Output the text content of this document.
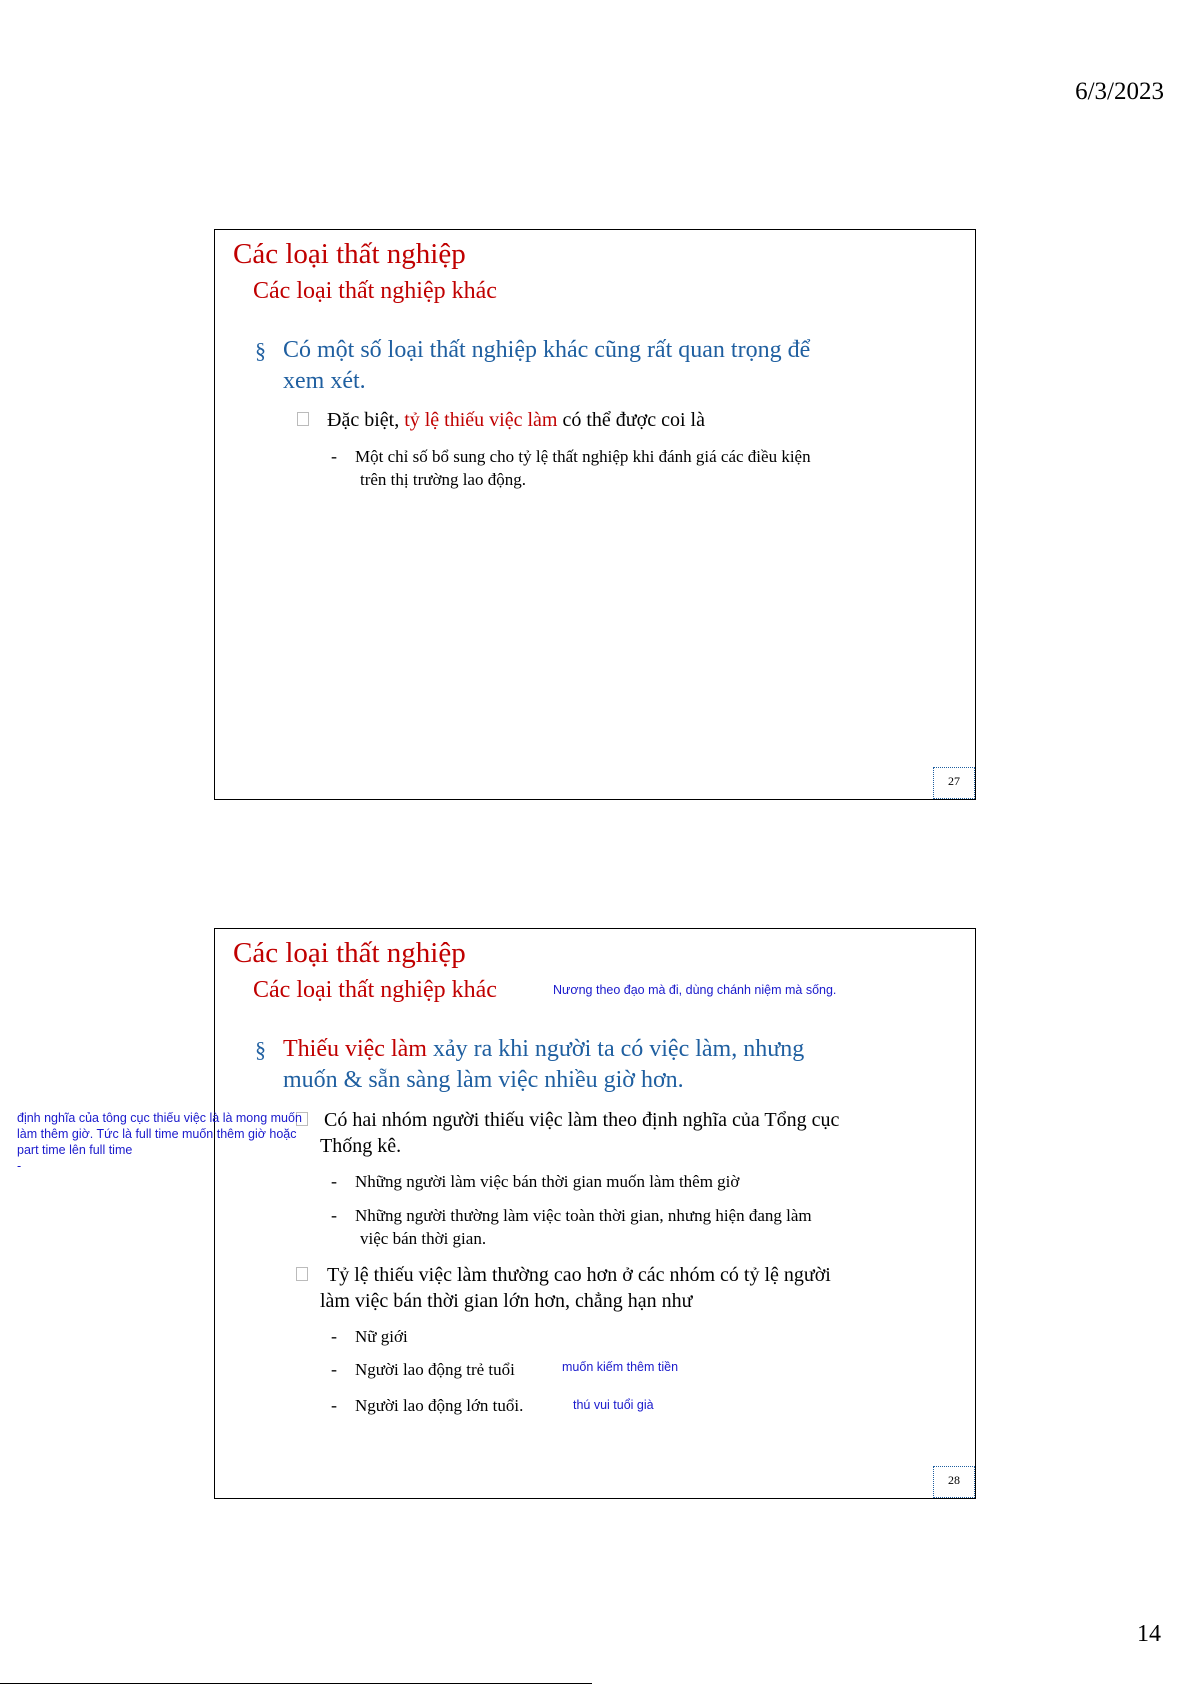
6/3/2023
Các loại thất nghiệp
Các loại thất nghiệp khác
§ Có một số loại thất nghiệp khác cũng rất quan trọng để
xem xét.
Đặc biệt, tỷ lệ thiếu việc làm có thể được coi là
- Một chỉ số bổ sung cho tỷ lệ thất nghiệp khi đánh giá các điều kiện
trên thị trường lao động.
27
Các loại thất nghiệp
Các loại thất nghiệp khác
§ Thiếu việc làm xảy ra khi người ta có việc làm, nhưng
muốn & sẵn sàng làm việc nhiều giờ hơn.
Có hai nhóm người thiếu việc làm theo định nghĩa của Tổng cục
Thống kê.
- Những người làm việc bán thời gian muốn làm thêm giờ
- Những người thường làm việc toàn thời gian, nhưng hiện đang làm
việc bán thời gian.
Tỷ lệ thiếu việc làm thường cao hơn ở các nhóm có tỷ lệ người
làm việc bán thời gian lớn hơn, chẳng hạn như
- Nữ giới
- Người lao động trẻ tuổi
- Người lao động lớn tuổi.
28
Nương theo đạo mà đi, dùng chánh niệm mà sống.
định nghĩa của tông cục thiếu việc là là mong muốn
làm thêm giờ. Tức là full time muốn thêm giờ hoặc
part time lên full time
-
muốn kiếm thêm tiền
thú vui tuổi già
14
